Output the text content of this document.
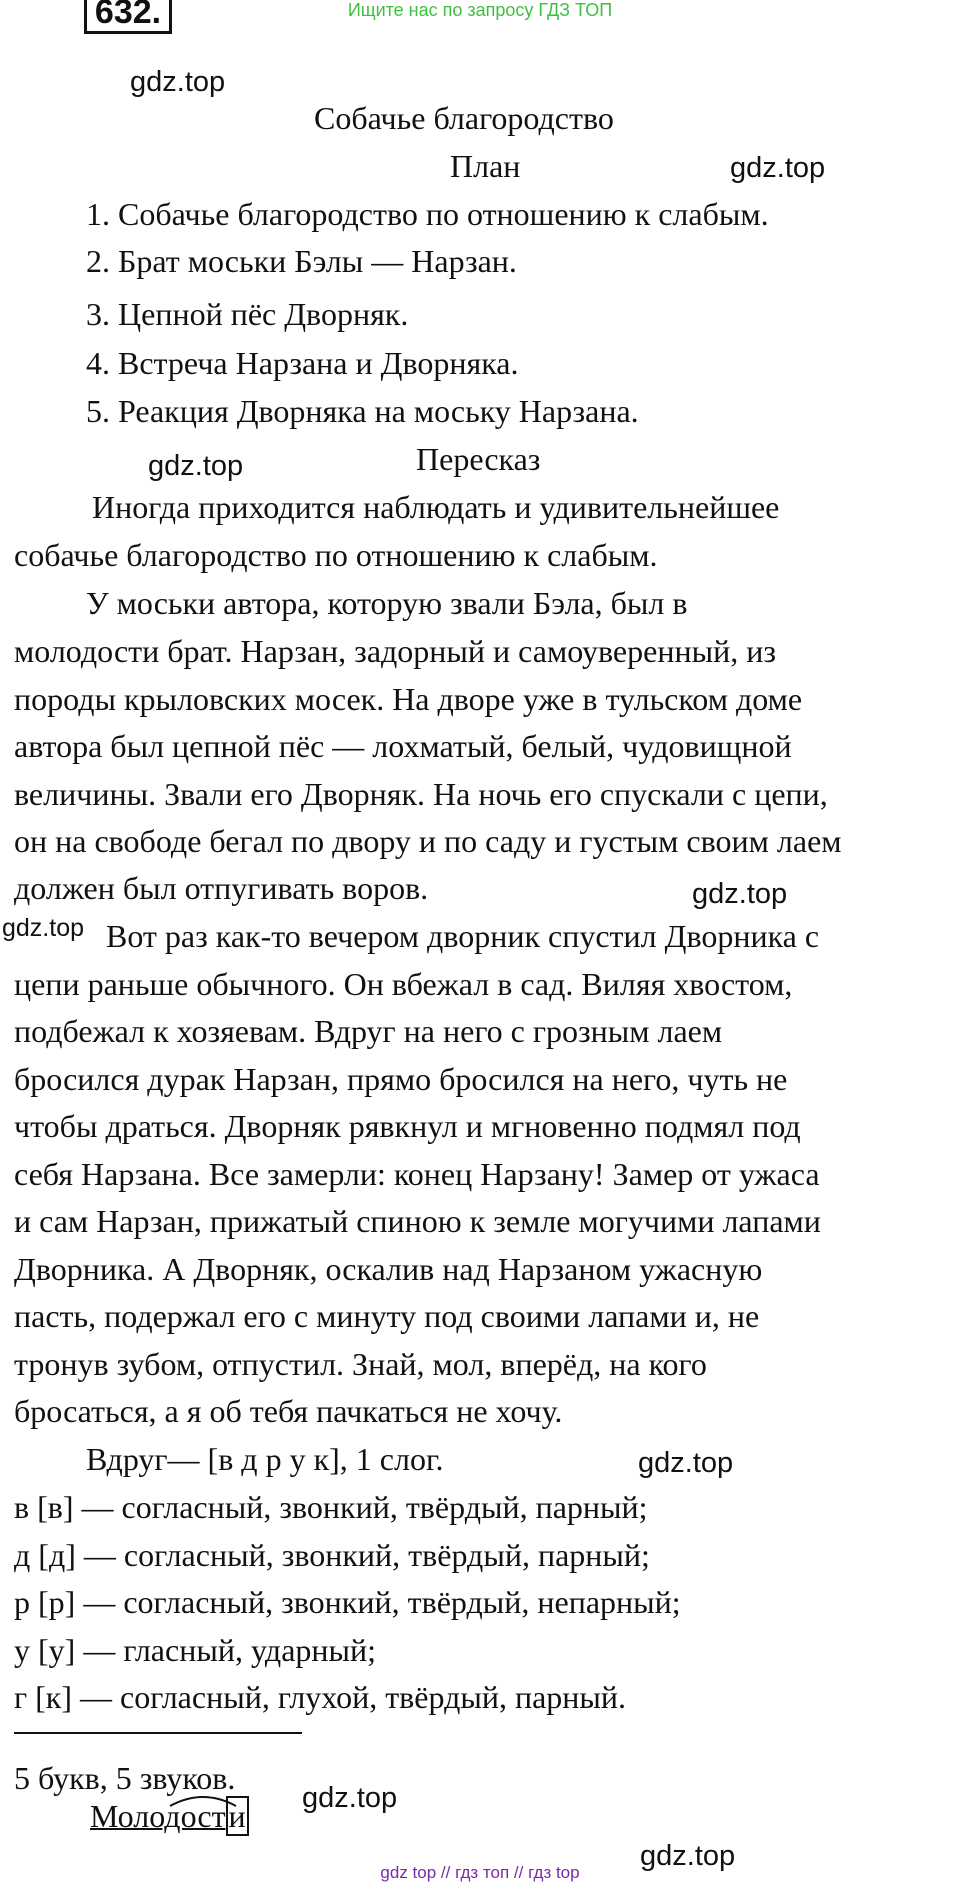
Ищите нас по запросу ГДЗ ТОП
632.
gdz.top
gdz.top
gdz.top
gdz.top
gdz.top
gdz.top
gdz.top
gdz.top
Собачье благородство
План
1. Собачье благородство по отношению к слабым.
2. Брат моськи Бэлы — Нарзан.
3. Цепной пёс Дворняк.
4. Встреча Нарзана и Дворняка.
5. Реакция Дворняка на моську Нарзана.
Пересказ
Иногда приходится наблюдать и удивительнейшее
собачье благородство по отношению к слабым.
У моськи автора, которую звали Бэла, был в
молодости брат. Нарзан, задорный и самоуверенный, из
породы крыловских мосек. На дворе уже в тульском доме
автора был цепной пёс — лохматый, белый, чудовищной
величины. Звали его Дворняк. На ночь его спускали с цепи,
он на свободе бегал по двору и по саду и густым своим лаем
должен был отпугивать воров.
Вот раз как-то вечером дворник спустил Дворника с
цепи раньше обычного. Он вбежал в сад. Виляя хвостом,
подбежал к хозяевам. Вдруг на него с грозным лаем
бросился дурак Нарзан, прямо бросился на него, чуть не
чтобы драться. Дворняк рявкнул и мгновенно подмял под
себя Нарзана. Все замерли: конец Нарзану! Замер от ужаса
и сам Нарзан, прижатый спиною к земле могучими лапами
Дворника. А Дворняк, оскалив над Нарзаном ужасную
пасть, подержал его с минуту под своими лапами и, не
тронув зубом, отпустил. Знай, мол, вперёд, на кого
бросаться, а я об тебя пачкаться не хочу.
Вдруг— [в д р у к], 1 слог.
в [в] — согласный, звонкий, твёрдый, парный;
д [д] — согласный, звонкий, твёрдый, парный;
р [р] — согласный, звонкий, твёрдый, непарный;
у [у] — гласный, ударный;
г [к] — согласный, глухой, твёрдый, парный.
5 букв, 5 звуков.
Молодости
gdz top // гдз топ // гдз top
